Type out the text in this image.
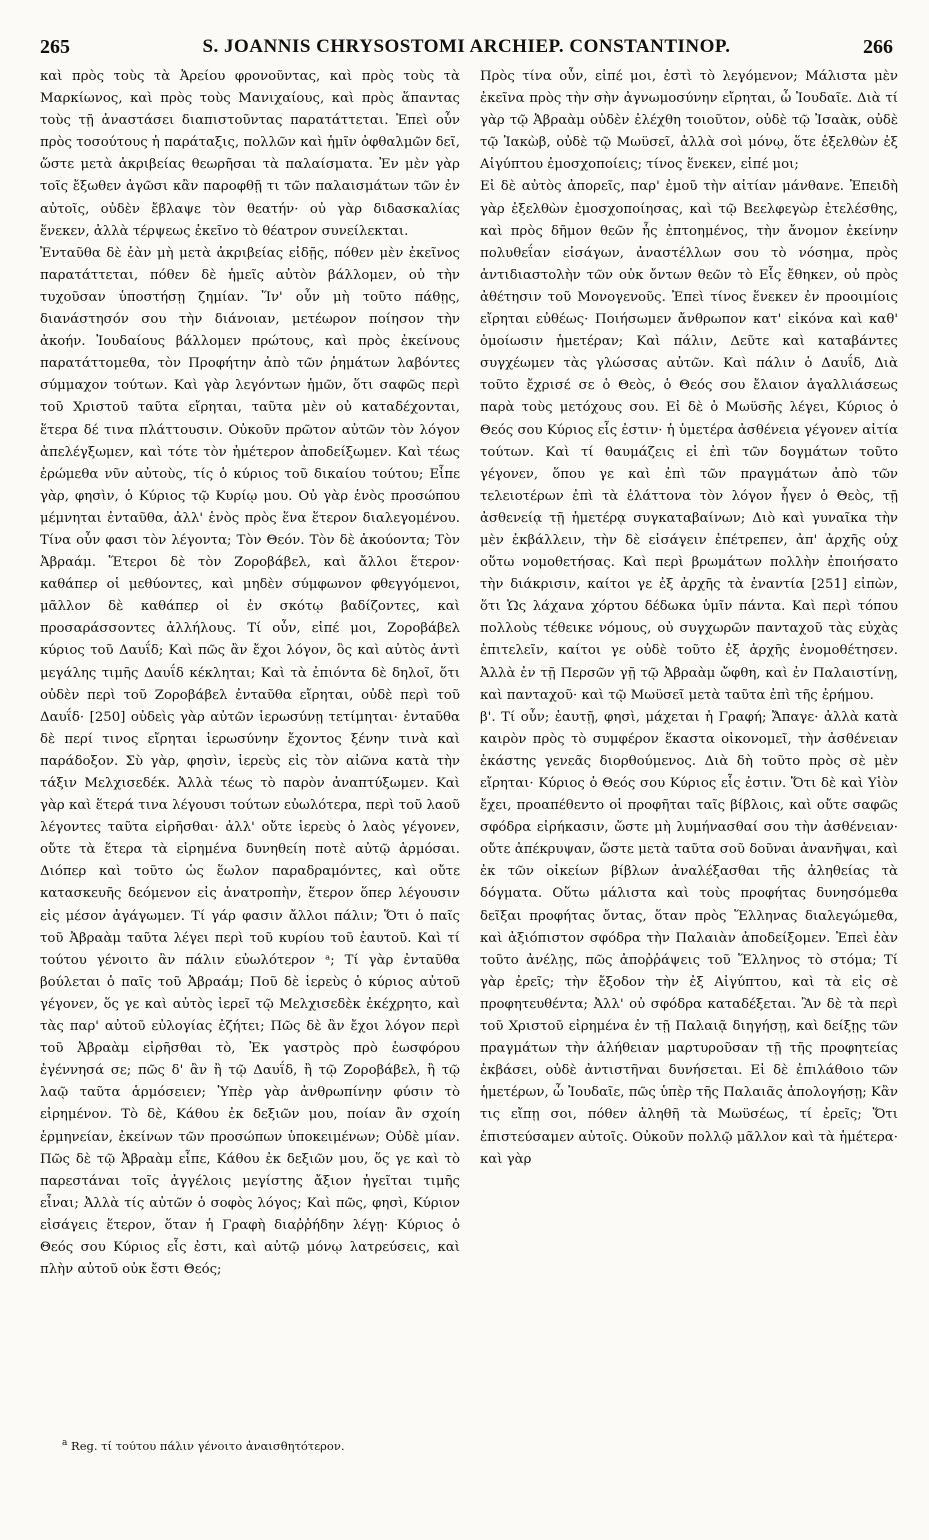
265	S. JOANNIS CHRYSOSTOMI ARCHIEP. CONSTANTINOP.	266

καὶ πρὸς τοὺς τὰ Ἀρείου φρονοῦντας, καὶ πρὸς τοὺς τὰ Μαρκίωνος, καὶ πρὸς τοὺς Μανιχαίους, καὶ πρὸς ἅπαντας τοὺς τῇ ἀναστάσει διαπιστοῦντας παρατάττεται. Ἐπεὶ οὖν πρὸς τοσούτους ἡ παράταξις, πολλῶν καὶ ἡμῖν ὀφθαλμῶν δεῖ, ὥστε μετὰ ἀκριβείας θεωρῆσαι τὰ παλαίσματα. Ἐν μὲν γὰρ τοῖς ἔξωθεν ἀγῶσι κἂν παροφθῇ τι τῶν παλαισμάτων τῶν ἐν αὐτοῖς, οὐδὲν ἔβλαψε τὸν θεατήν· οὐ γὰρ διδασκαλίας ἕνεκεν, ἀλλὰ τέρψεως ἐκεῖνο τὸ θέατρον συνείλεκται.

Ἐνταῦθα δὲ ἐὰν μὴ μετὰ ἀκριβείας εἰδῇς, πόθεν μὲν ἐκεῖνος παρατάττεται, πόθεν δὲ ἡμεῖς αὐτὸν βάλλομεν, οὐ τὴν τυχοῦσαν ὑποστήσῃ ζημίαν. Ἵν' οὖν μὴ τοῦτο πάθῃς, διανάστησόν σου τὴν διάνοιαν, μετέωρον ποίησον τὴν ἀκοήν. Ἰουδαίους βάλλομεν πρώτους, καὶ πρὸς ἐκείνους παρατάττομεθα, τὸν Προφήτην ἀπὸ τῶν ῥημάτων λαβόντες σύμμαχον τούτων. Καὶ γὰρ λεγόντων ἡμῶν, ὅτι σαφῶς περὶ τοῦ Χριστοῦ ταῦτα εἴρηται, ταῦτα μὲν οὐ καταδέχονται, ἕτερα δέ τινα πλάττουσιν. Οὐκοῦν πρῶτον αὐτῶν τὸν λόγον ἀπελέγξωμεν, καὶ τότε τὸν ἡμέτερον ἀποδείξωμεν. Καὶ τέως ἐρώμεθα νῦν αὐτοὺς, τίς ὁ κύριος τοῦ δικαίου τούτου; Εἶπε γὰρ, φησὶν, ὁ Κύριος τῷ Κυρίῳ μου. Οὐ γὰρ ἑνὸς προσώπου μέμνηται ἐνταῦθα, ἀλλ' ἑνὸς πρὸς ἕνα ἕτερον διαλεγομένου. Τίνα οὖν φασι τὸν λέγοντα; Τὸν Θεόν. Τὸν δὲ ἀκούοντα; Τὸν Ἀβραάμ. Ἕτεροι δὲ τὸν Ζοροβάβελ, καὶ ἄλλοι ἕτερον· καθάπερ οἱ μεθύοντες, καὶ μηδὲν σύμφωνον φθεγγόμενοι, μᾶλλον δὲ καθάπερ οἱ ἐν σκότῳ βαδίζοντες, καὶ προσαράσσοντες ἀλλήλους. Τί οὖν, εἰπέ μοι, Ζοροβάβελ κύριος τοῦ Δαυΐδ; Καὶ πῶς ἂν ἔχοι λόγον, ὃς καὶ αὐτὸς ἀντὶ μεγάλης τιμῆς Δαυΐδ κέκληται; Καὶ τὰ ἐπιόντα δὲ δηλοῖ, ὅτι οὐδὲν περὶ τοῦ Ζοροβάβελ ἐνταῦθα εἴρηται, οὐδὲ περὶ τοῦ Δαυΐδ· [250] οὐδεὶς γὰρ αὐτῶν ἱερωσύνῃ τετίμηται· ἐνταῦθα δὲ περί τινος εἴρηται ἱερωσύνην ἔχοντος ξένην τινὰ καὶ παράδοξον. Σὺ γὰρ, φησὶν, ἱερεὺς εἰς τὸν αἰῶνα κατὰ τὴν τάξιν Μελχισεδέκ. Ἀλλὰ τέως τὸ παρὸν ἀναπτύξωμεν. Καὶ γὰρ καὶ ἕτερά τινα λέγουσι τούτων εὐωλότερα, περὶ τοῦ λαοῦ λέγοντες ταῦτα εἰρῆσθαι· ἀλλ' οὔτε ἱερεὺς ὁ λαὸς γέγονεν, οὔτε τὰ ἕτερα τὰ εἰρημένα δυνηθείη ποτὲ αὐτῷ ἁρμόσαι. Διόπερ καὶ τοῦτο ὡς ἕωλον παραδραμόντες, καὶ οὔτε κατασκευῆς δεόμενον εἰς ἀνατροπὴν, ἕτερον ὅπερ λέγουσιν εἰς μέσον ἀγάγωμεν. Τί γάρ φασιν ἄλλοι πάλιν; Ὅτι ὁ παῖς τοῦ Ἀβραὰμ ταῦτα λέγει περὶ τοῦ κυρίου τοῦ ἑαυτοῦ. Καὶ τί τούτου γένοιτο ἂν πάλιν εὐωλότερον ᵃ; Τί γὰρ ἐνταῦθα βούλεται ὁ παῖς τοῦ Ἀβραάμ; Ποῦ δὲ ἱερεὺς ὁ κύριος αὐτοῦ γέγονεν, ὅς γε καὶ αὐτὸς ἱερεῖ τῷ Μελχισεδὲκ ἐκέχρητο, καὶ τὰς παρ' αὐτοῦ εὐλογίας ἐζήτει; Πῶς δὲ ἂν ἔχοι λόγον περὶ τοῦ Ἀβραὰμ εἰρῆσθαι τὸ, Ἐκ γαστρὸς πρὸ ἑωσφόρου ἐγέννησά σε; πῶς δ' ἂν ἢ τῷ Δαυΐδ, ἢ τῷ Ζοροβάβελ, ἢ τῷ λαῷ ταῦτα ἁρμόσειεν; Ὑπὲρ γὰρ ἀνθρωπίνην φύσιν τὸ εἰρημένον. Τὸ δὲ, Κάθου ἐκ δεξιῶν μου, ποίαν ἂν σχοίη ἑρμηνείαν, ἐκείνων τῶν προσώπων ὑποκειμένων; Οὐδὲ μίαν. Πῶς δὲ τῷ Ἀβραὰμ εἶπε, Κάθου ἐκ δεξιῶν μου, ὅς γε καὶ τὸ παρεστάναι τοῖς ἀγγέλοις μεγίστης ἄξιον ἡγεῖται τιμῆς εἶναι; Ἀλλὰ τίς αὐτῶν ὁ σοφὸς λόγος; Καὶ πῶς, φησὶ, Κύριον εἰσάγεις ἕτερον, ὅταν ἡ Γραφὴ διαῤῥήδην λέγῃ· Κύριος ὁ Θεός σου Κύριος εἷς ἐστι, καὶ αὐτῷ μόνῳ λατρεύσεις, καὶ πλὴν αὐτοῦ οὐκ ἔστι Θεός;

Πρὸς τίνα οὖν, εἰπέ μοι, ἐστὶ τὸ λεγόμενον; Μάλιστα μὲν ἐκεῖνα πρὸς τὴν σὴν ἀγνωμοσύνην εἴρηται, ὦ Ἰουδαῖε. Διὰ τί γὰρ τῷ Ἀβραὰμ οὐδὲν ἐλέχθη τοιοῦτον, οὐδὲ τῷ Ἰσαὰκ, οὐδὲ τῷ Ἰακὼβ, οὐδὲ τῷ Μωϋσεῖ, ἀλλὰ σοὶ μόνῳ, ὅτε ἐξελθὼν ἐξ Αἰγύπτου ἐμοσχοποίεις; τίνος ἕνεκεν, εἰπέ μοι;

Εἰ δὲ αὐτὸς ἀπορεῖς, παρ' ἐμοῦ τὴν αἰτίαν μάνθανε. Ἐπειδὴ γὰρ ἐξελθὼν ἐμοσχοποίησας, καὶ τῷ Βεελφεγὼρ ἐτελέσθης, καὶ πρὸς δῆμον θεῶν ἧς ἐπτοημένος, τὴν ἄνομον ἐκείνην πολυθεΐαν εἰσάγων, ἀναστέλλων σου τὸ νόσημα, πρὸς ἀντιδιαστολὴν τῶν οὐκ ὄντων θεῶν τὸ Εἷς ἔθηκεν, οὐ πρὸς ἀθέτησιν τοῦ Μονογενοῦς. Ἐπεὶ τίνος ἕνεκεν ἐν προοιμίοις εἴρηται εὐθέως· Ποιήσωμεν ἄνθρωπον κατ' εἰκόνα καὶ καθ' ὁμοίωσιν ἡμετέραν; Καὶ πάλιν, Δεῦτε καὶ καταβάντες συγχέωμεν τὰς γλώσσας αὐτῶν. Καὶ πάλιν ὁ Δαυΐδ, Διὰ τοῦτο ἔχρισέ σε ὁ Θεὸς, ὁ Θεός σου ἔλαιον ἀγαλλιάσεως παρὰ τοὺς μετόχους σου. Εἰ δὲ ὁ Μωϋσῆς λέγει, Κύριος ὁ Θεός σου Κύριος εἷς ἐστιν· ἡ ὑμετέρα ἀσθένεια γέγονεν αἰτία τούτων. Καὶ τί θαυμάζεις εἰ ἐπὶ τῶν δογμάτων τοῦτο γέγονεν, ὅπου γε καὶ ἐπὶ τῶν πραγμάτων ἀπὸ τῶν τελειοτέρων ἐπὶ τὰ ἐλάττονα τὸν λόγον ἦγεν ὁ Θεὸς, τῇ ἀσθενείᾳ τῇ ἡμετέρᾳ συγκαταβαίνων; Διὸ καὶ γυναῖκα τὴν μὲν ἐκβάλλειν, τὴν δὲ εἰσάγειν ἐπέτρεπεν, ἀπ' ἀρχῆς οὐχ οὕτω νομοθετήσας. Καὶ περὶ βρωμάτων πολλὴν ἐποιήσατο τὴν διάκρισιν, καίτοι γε ἐξ ἀρχῆς τὰ ἐναντία [251] εἰπὼν, ὅτι Ὡς λάχανα χόρτου δέδωκα ὑμῖν πάντα. Καὶ περὶ τόπου πολλοὺς τέθεικε νόμους, οὐ συγχωρῶν πανταχοῦ τὰς εὐχὰς ἐπιτελεῖν, καίτοι γε οὐδὲ τοῦτο ἐξ ἀρχῆς ἐνομοθέτησεν. Ἀλλὰ ἐν τῇ Περσῶν γῇ τῷ Ἀβραὰμ ὤφθη, καὶ ἐν Παλαιστίνῃ, καὶ πανταχοῦ· καὶ τῷ Μωϋσεῖ μετὰ ταῦτα ἐπὶ τῆς ἐρήμου.

β'. Τί οὖν; ἑαυτῇ, φησὶ, μάχεται ἡ Γραφή; Ἄπαγε· ἀλλὰ κατὰ καιρὸν πρὸς τὸ συμφέρον ἕκαστα οἰκονομεῖ, τὴν ἀσθένειαν ἑκάστης γενεᾶς διορθούμενος. Διὰ δὴ τοῦτο πρὸς σὲ μὲν εἴρηται· Κύριος ὁ Θεός σου Κύριος εἷς ἐστιν. Ὅτι δὲ καὶ Υἱὸν ἔχει, προαπέθεντο οἱ προφῆται ταῖς βίβλοις, καὶ οὔτε σαφῶς σφόδρα εἰρήκασιν, ὥστε μὴ λυμήνασθαί σου τὴν ἀσθένειαν· οὔτε ἀπέκρυψαν, ὥστε μετὰ ταῦτα σοῦ δοῦναι ἀνανῆψαι, καὶ ἐκ τῶν οἰκείων βίβλων ἀναλέξασθαι τῆς ἀληθείας τὰ δόγματα. Οὕτω μάλιστα καὶ τοὺς προφήτας δυνησόμεθα δεῖξαι προφήτας ὄντας, ὅταν πρὸς Ἕλληνας διαλεγώμεθα, καὶ ἀξιόπιστον σφόδρα τὴν Παλαιὰν ἀποδείξομεν. Ἐπεὶ ἐὰν τοῦτο ἀνέλῃς, πῶς ἀποῤῥάψεις τοῦ Ἕλληνος τὸ στόμα; Τί γὰρ ἐρεῖς; τὴν ἔξοδον τὴν ἐξ Αἰγύπτου, καὶ τὰ εἰς σὲ προφητευθέντα; Ἀλλ' οὐ σφόδρα καταδέξεται. Ἂν δὲ τὰ περὶ τοῦ Χριστοῦ εἰρημένα ἐν τῇ Παλαιᾷ διηγήσῃ, καὶ δείξῃς τῶν πραγμάτων τὴν ἀλήθειαν μαρτυροῦσαν τῇ τῆς προφητείας ἐκβάσει, οὐδὲ ἀντιστῆναι δυνήσεται. Εἰ δὲ ἐπιλάθοιο τῶν ἡμετέρων, ὦ Ἰουδαῖε, πῶς ὑπὲρ τῆς Παλαιᾶς ἀπολογήσῃ; Κἂν τις εἴπῃ σοι, πόθεν ἀληθῆ τὰ Μωϋσέως, τί ἐρεῖς; Ὅτι ἐπιστεύσαμεν αὐτοῖς. Οὐκοῦν πολλῷ μᾶλλον καὶ τὰ ἡμέτερα· καὶ γὰρ

$^a$ Reg. τί τούτου πάλιν γένοιτο ἀναισθητότερον.
